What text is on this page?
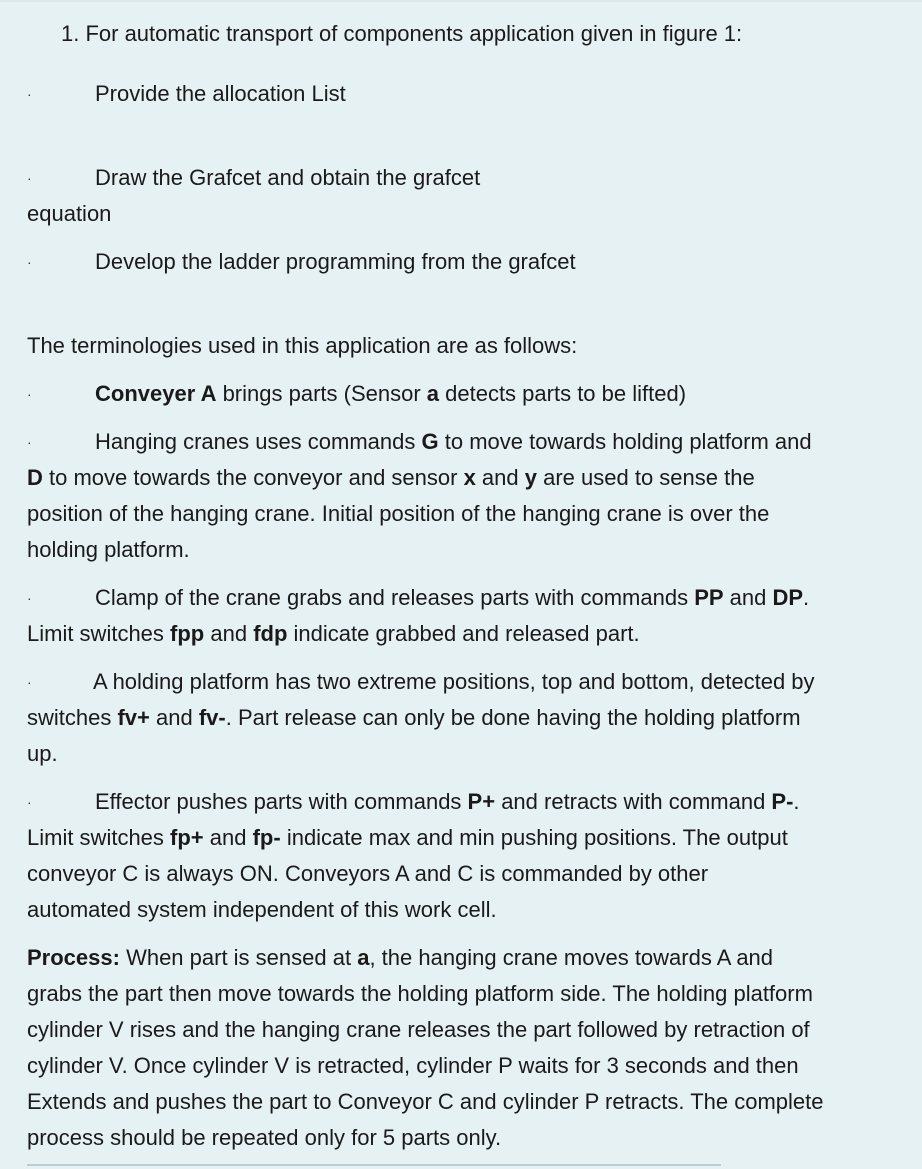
1. For automatic transport of components application given in figure 1:
·	Provide the allocation List
·	Draw the Grafcet and obtain the grafcet
equation
·	Develop the ladder programming from the grafcet
The terminologies used in this application are as follows:
·	Conveyer A brings parts (Sensor a detects parts to be lifted)
·	Hanging cranes uses commands G to move towards holding platform and
D to move towards the conveyor and sensor x and y are used to sense the
position of the hanging crane. Initial position of the hanging crane is over the
holding platform.
·	Clamp of the crane grabs and releases parts with commands PP and DP.
Limit switches fpp and fdp indicate grabbed and released part.
·	A holding platform has two extreme positions, top and bottom, detected by
switches fv+ and fv-. Part release can only be done having the holding platform
up.
·	Effector pushes parts with commands P+ and retracts with command P-.
Limit switches fp+ and fp- indicate max and min pushing positions. The output
conveyor C is always ON. Conveyors A and C is commanded by other
automated system independent of this work cell.
Process: When part is sensed at a, the hanging crane moves towards A and
grabs the part then move towards the holding platform side. The holding platform
cylinder V rises and the hanging crane releases the part followed by retraction of
cylinder V. Once cylinder V is retracted, cylinder P waits for 3 seconds and then
Extends and pushes the part to Conveyor C and cylinder P retracts. The complete
process should be repeated only for 5 parts only.
